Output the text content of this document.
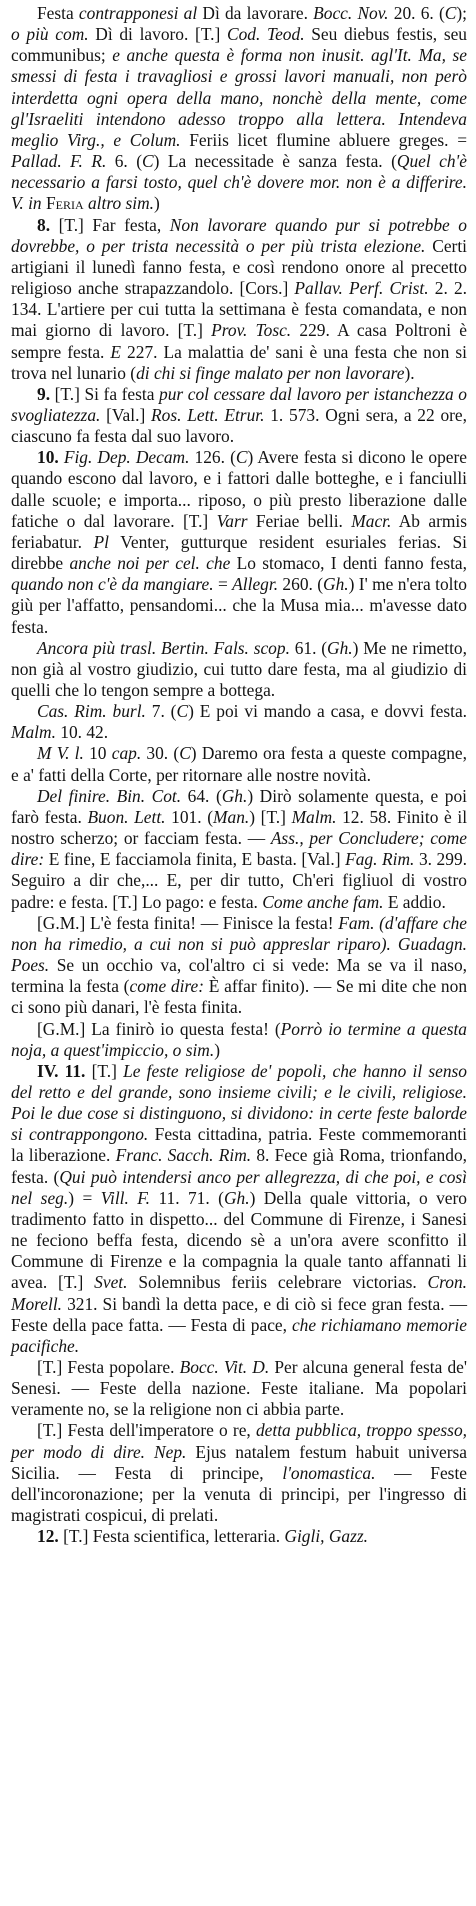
Festa contrapponesi al Dì da lavorare. Bocc. Nov. 20. 6. (C); o più com. Dì di lavoro. [T.] Cod. Teod. Seu diebus festis, seu communibus; e anche questa è forma non inusit. agl'It. Ma, se smessi di festa i travagliosi e grossi lavori manuali, non però interdetta ogni opera della mano, nonchè della mente, come gl'Israeliti intendono adesso troppo alla lettera. Intendeva meglio Virg., e Colum. Feriis licet flumine abluere greges. = Pallad. F. R. 6. (C) La necessitade è sanza festa. (Quel ch'è necessario a farsi tosto, quel ch'è dovere mor. non è a differire. V. in Feria altro sim.)

8. [T.] Far festa, Non lavorare quando pur si potrebbe o dovrebbe, o per trista necessità o per più trista elezione. Certi artigiani il lunedì fanno festa, e così rendono onore al precetto religioso anche strapazzandolo. [Cors.] Pallav. Perf. Crist. 2. 2. 134. L'artiere per cui tutta la settimana è festa comandata, e non mai giorno di lavoro. [T.] Prov. Tosc. 229. A casa Poltroni è sempre festa. E 227. La malattia de' sani è una festa che non si trova nel lunario (di chi si finge malato per non lavorare).

9. [T.] Si fa festa pur col cessare dal lavoro per istanchezza o svogliatezza. [Val.] Ros. Lett. Etrur. 1. 573. Ogni sera, a 22 ore, ciascuno fa festa dal suo lavoro.

10. Fig. Dep. Decam. 126. (C) Avere festa si dicono le opere quando escono dal lavoro, e i fattori dalle botteghe, e i fanciulli dalle scuole; e importa... riposo, o più presto liberazione dalle fatiche o dal lavorare. [T.] Varr Feriae belli. Macr. Ab armis feriabatur. Pl Venter, gutturque resident esuriales ferias. Si direbbe anche noi per cel. che Lo stomaco, I denti fanno festa, quando non c'è da mangiare. = Allegr. 260. (Gh.) I' me n'era tolto giù per l'affatto, pensandomi... che la Musa mia... m'avesse dato festa.

Ancora più trasl. Bertin. Fals. scop. 61. (Gh.) Me ne rimetto, non già al vostro giudizio, cui tutto dare festa, ma al giudizio di quelli che lo tengon sempre a bottega.

Cas. Rim. burl. 7. (C) E poi vi mando a casa, e dovvi festa. Malm. 10. 42.

M V. l. 10 cap. 30. (C) Daremo ora festa a queste compagne, e a' fatti della Corte, per ritornare alle nostre novità.

Del finire. Bin. Cot. 64. (Gh.) Dirò solamente questa, e poi farò festa. Buon. Lett. 101. (Man.) [T.] Malm. 12. 58. Finito è il nostro scherzo; or facciam festa. — Ass., per Concludere; come dire: E fine, E facciamola finita, E basta. [Val.] Fag. Rim. 3. 299. Seguiro a dir che,... E, per dir tutto, Ch'eri figliuol di vostro padre: e festa. [T.] Lo pago: e festa. Come anche fam. E addio.

[G.M.] L'è festa finita! — Finisce la festa! Fam. (d'affare che non ha rimedio, a cui non si può appreslar riparo). Guadagn. Poes. Se un occhio va, col'altro ci si vede: Ma se va il naso, termina la festa (come dire: È affar finito). — Se mi dite che non ci sono più danari, l'è festa finita.

[G.M.] La finirò io questa festa! (Porrò io termine a questa noja, a quest'impiccio, o sim.)

IV. 11. [T.] Le feste religiose de' popoli, che hanno il senso del retto e del grande, sono insieme civili; e le civili, religiose. Poi le due cose si distinguono, si dividono: in certe feste balorde si contrappongono. Festa cittadina, patria. Feste commemoranti la liberazione. Franc. Sacch. Rim. 8. Fece già Roma, trionfando, festa. (Qui può intendersi anco per allegrezza, di che poi, e così nel seg.) = Vill. F. 11. 71. (Gh.) Della quale vittoria, o vero tradimento fatto in dispetto... del Commune di Firenze, i Sanesi ne feciono beffa festa, dicendo sè a un'ora avere sconfitto il Commune di Firenze e la compagnia la quale tanto affannati li avea. [T.] Svet. Solemnibus feriis celebrare victorias. Cron. Morell. 321. Si bandì la detta pace, e di ciò si fece gran festa. — Feste della pace fatta. — Festa di pace, che richiamano memorie pacifiche.

[T.] Festa popolare. Bocc. Vit. D. Per alcuna general festa de' Senesi. — Feste della nazione. Feste italiane. Ma popolari veramente no, se la religione non ci abbia parte.

[T.] Festa dell'imperatore o re, detta pubblica, troppo spesso, per modo di dire. Nep. Ejus natalem festum habuit universa Sicilia. — Festa di principe, l'onomastica. — Feste dell'incoronazione; per la venuta di principi, per l'ingresso di magistrati cospicui, di prelati.

12. [T.] Festa scientifica, letteraria. Gigli, Gazz.
